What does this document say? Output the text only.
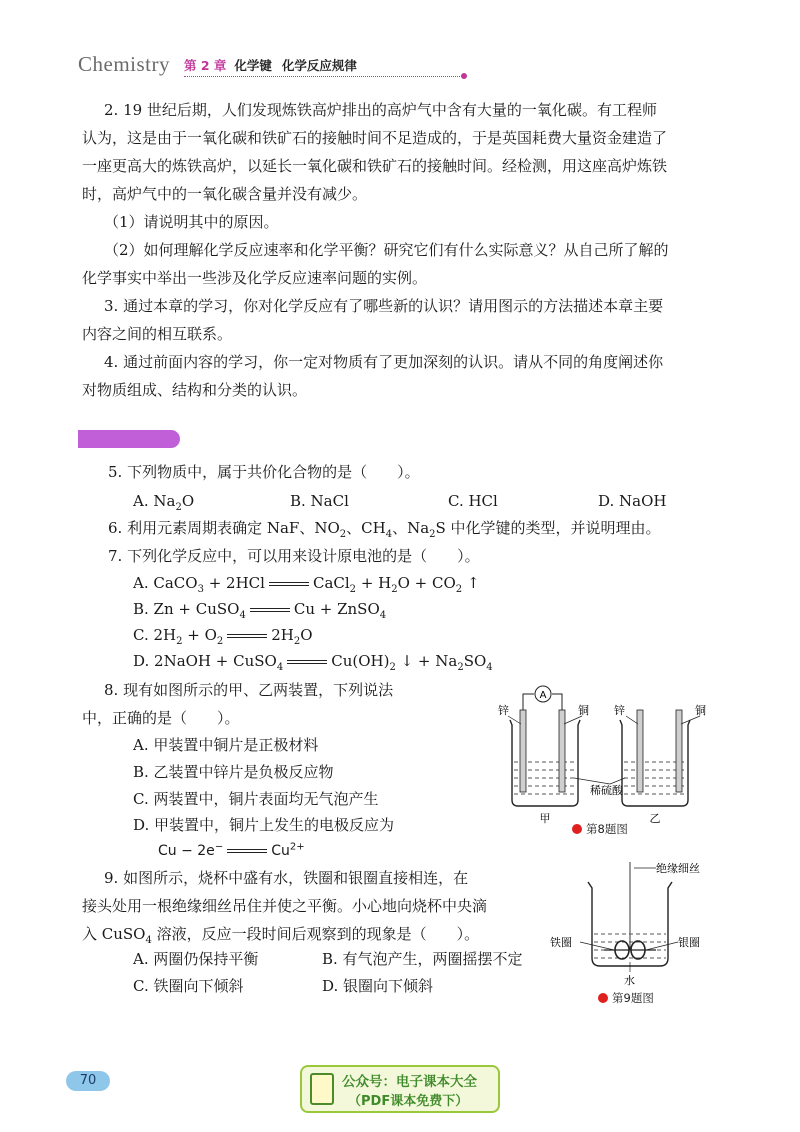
Chemistry 第 2 章 化学键 化学反应规律
2. 19 世纪后期，人们发现炼铁高炉排出的高炉气中含有大量的一氧化碳。有工程师
认为，这是由于一氧化碳和铁矿石的接触时间不足造成的，于是英国耗费大量资金建造了
一座更高大的炼铁高炉，以延长一氧化碳和铁矿石的接触时间。经检测，用这座高炉炼铁
时，高炉气中的一氧化碳含量并没有减少。
（1）请说明其中的原因。
（2）如何理解化学反应速率和化学平衡？研究它们有什么实际意义？从自己所了解的
化学事实中举出一些涉及化学反应速率问题的实例。
3. 通过本章的学习，你对化学反应有了哪些新的认识？请用图示的方法描述本章主要
内容之间的相互联系。
4. 通过前面内容的学习，你一定对物质有了更加深刻的认识。请从不同的角度阐述你
对物质组成、结构和分类的认识。
5. 下列物质中，属于共价化合物的是（　　）。
A. $Na_2O$	B. NaCl	C. HCl	D. NaOH
6. 利用元素周期表确定 NaF、$NO_2$、$CH_4$、$Na_2S$ 中化学键的类型，并说明理由。
7. 下列化学反应中，可以用来设计原电池的是（　　）。
A. CaCO$_3$ + 2HCl	CaCl$_2$ + $H_2O + CO_2$ ↑
B. Zn + CuSO$_4$	Cu + ZnSO$_4$
C. $2H_2 + O_2$	$2H_2O$
D. 2NaOH + CuSO$_4$	$Cu(OH)_2$ ↓ + $Na_2SO_4$
8. 现有如图所示的甲、乙两装置，下列说法
中，正确的是（　　）。
A. 甲装置中铜片是正极材料
B. 乙装置中锌片是负极反应物
C. 两装置中，铜片表面均无气泡产生
D. 甲装置中，铜片上发生的电极反应为
Cu − 2e−	$Cu^{2+}$
A
锌	铜 锌	铜
稀硫酸
甲	乙
第8题图
9. 如图所示，烧杯中盛有水，铁圈和银圈直接相连，在
接头处用一根绝缘细丝吊住并使之平衡。小心地向烧杯中央滴
入 CuSO$_4$ 溶液，反应一段时间后观察到的现象是（　　）。
A. 两圈仍保持平衡	B. 有气泡产生，两圈摇摆不定
C. 铁圈向下倾斜	D. 银圈向下倾斜
绝缘细丝
铁圈	银圈
水
第9题图
70	公众号：电子课本大全
（PDF课本免费下）
